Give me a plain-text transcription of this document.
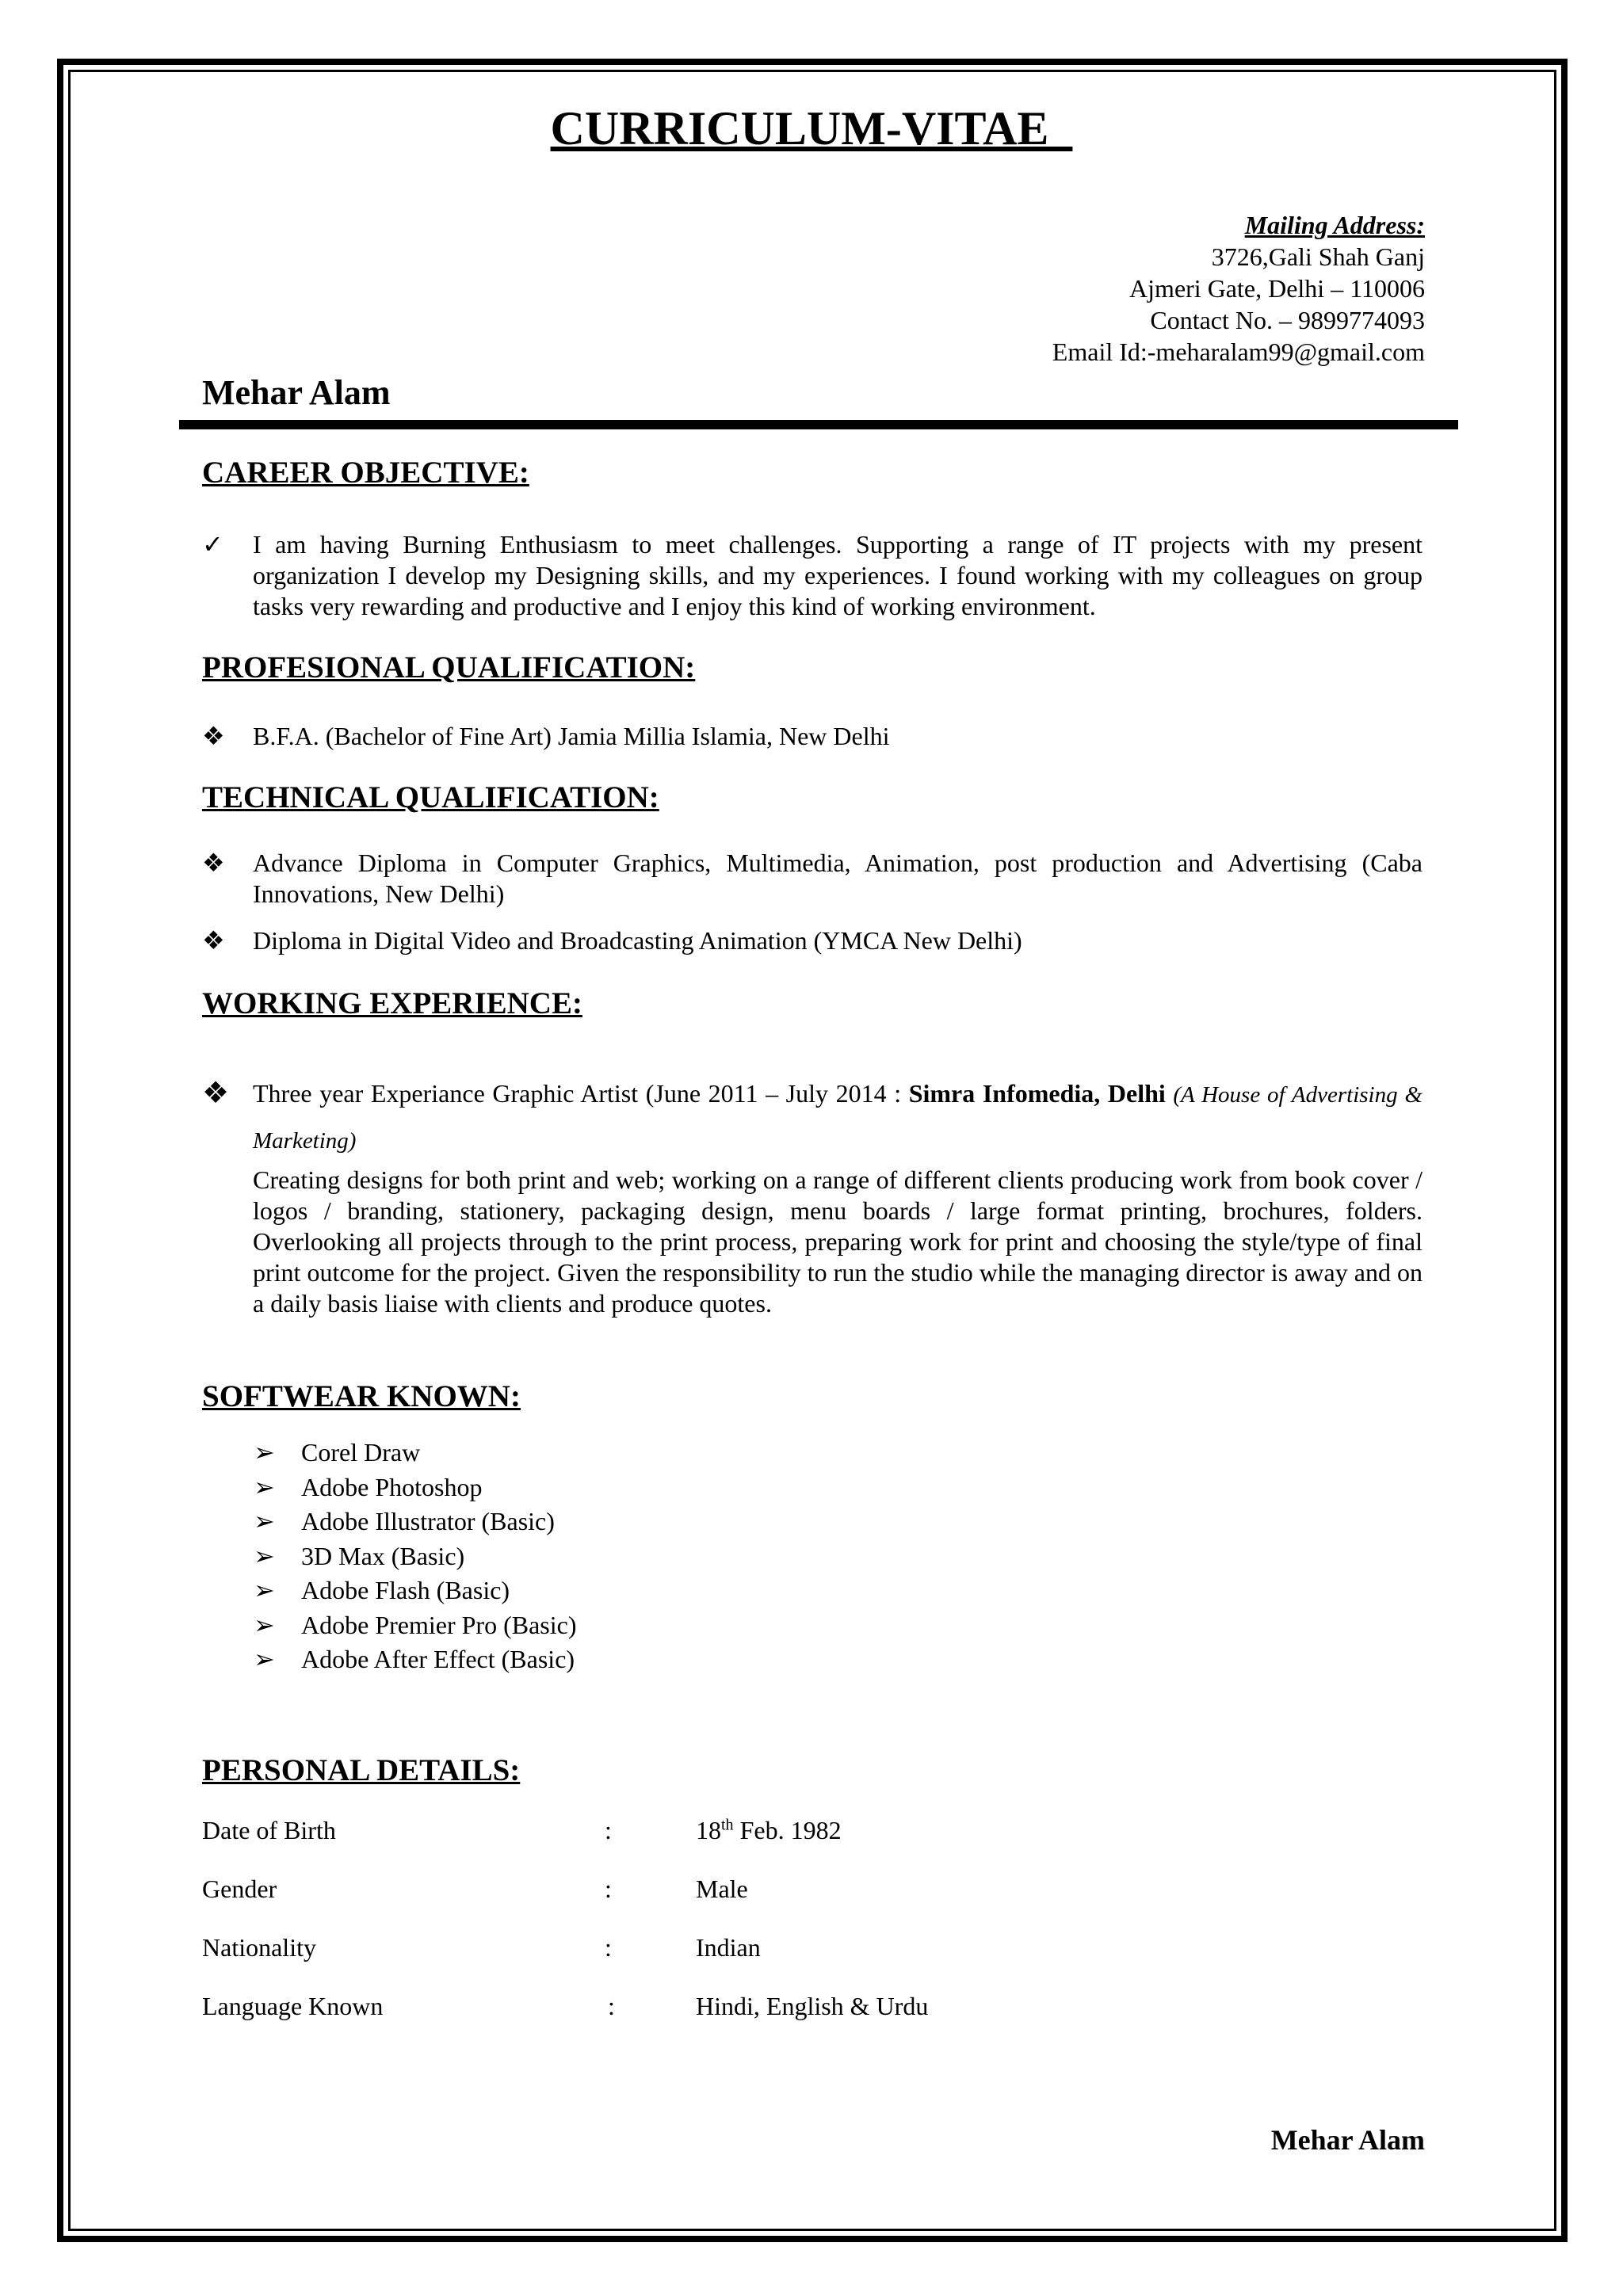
CURRICULUM-VITAE
Mailing Address:
3726,Gali Shah Ganj
Ajmeri Gate, Delhi – 110006
Contact No. – 9899774093
Email Id:-meharalam99@gmail.com
Mehar Alam
CAREER OBJECTIVE:
✓	I am having Burning Enthusiasm to meet challenges. Supporting a range of IT projects with my present organization I develop my Designing skills, and my experiences. I found working with my colleagues on group tasks very rewarding and productive and I enjoy this kind of working environment.
PROFESIONAL QUALIFICATION:
❖	B.F.A. (Bachelor of Fine Art) Jamia Millia Islamia, New Delhi
TECHNICAL QUALIFICATION:
❖	Advance Diploma in Computer Graphics, Multimedia, Animation, post production and Advertising (Caba Innovations, New Delhi)
❖	Diploma in Digital Video and Broadcasting Animation (YMCA New Delhi)
WORKING EXPERIENCE:
❖ Three year Experiance Graphic Artist (June 2011 – July 2014 : Simra Infomedia, Delhi (A House of Advertising & Marketing)
Creating designs for both print and web; working on a range of different clients producing work from book cover / logos / branding, stationery, packaging design, menu boards / large format printing, brochures, folders. Overlooking all projects through to the print process, preparing work for print and choosing the style/type of final print outcome for the project. Given the responsibility to run the studio while the managing director is away and on a daily basis liaise with clients and produce quotes.
SOFTWEAR KNOWN:
➢	Corel Draw
➢	Adobe Photoshop
➢	Adobe Illustrator (Basic)
➢	3D Max (Basic)
➢	Adobe Flash (Basic)
➢	Adobe Premier Pro (Basic)
➢	Adobe After Effect (Basic)
PERSONAL DETAILS:
Date of Birth	:	18th Feb. 1982
Gender	:	Male
Nationality	:	Indian
Language Known	:	Hindi, English & Urdu
Mehar Alam
